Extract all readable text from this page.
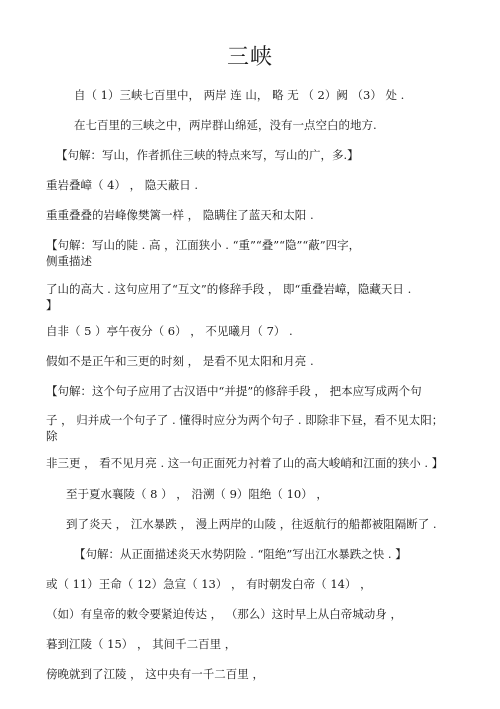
三峡
自（ 1）三峡七百里中， 两岸 连 山， 略 无 （ 2）阙 （3） 处 .
在七百里的三峡之中，两岸群山绵延，没有一点空白的地方.
【句解：写山，作者抓住三峡的特点来写，写山的广，多.】
重岩叠嶂（ 4） ， 隐天蔽日 .
重重叠叠的岩峰像樊篱一样 ， 隐瞒住了蓝天和太阳 .
【句解：写山的陡 . 高 ，江面狭小 . “重”“叠”“隐”“蔽”四字，
侧重描述
了山的高大 . 这句应用了“互文”的修辞手段 ， 即“重叠岩嶂，隐藏天日 .
】
自非（ 5 ）亭午夜分（ 6） ， 不见曦月（ 7） .
假如不是正午和三更的时刻 ， 是看不见太阳和月亮 .
【句解：这个句子应用了古汉语中“并提”的修辞手段 ， 把本应写成两个句
子 ， 归并成一个句子了 . 懂得时应分为两个句子 . 即除非下昼，看不见太阳；
除
非三更 ， 看不见月亮 . 这一句正面死力衬着了山的高大峻峭和江面的狭小 . 】
至于夏水襄陵（ 8 ） ， 沿溯（ 9）阻绝（ 10） ，
到了炎天 ， 江水暴跌 ， 漫上两岸的山陵 ，往返航行的船都被阻隔断了 .
【句解：从正面描述炎天水势阴险 . “阻绝”写出江水暴跌之快 . 】
或（ 11）王命（ 12）急宣（ 13） ， 有时朝发白帝（ 14） ，
（如）有皇帝的敕令要紧迫传达 ， （那么）这时早上从白帝城动身 ，
暮到江陵（ 15） ， 其间千二百里 ，
傍晚就到了江陵 ， 这中央有一千二百里 ，
